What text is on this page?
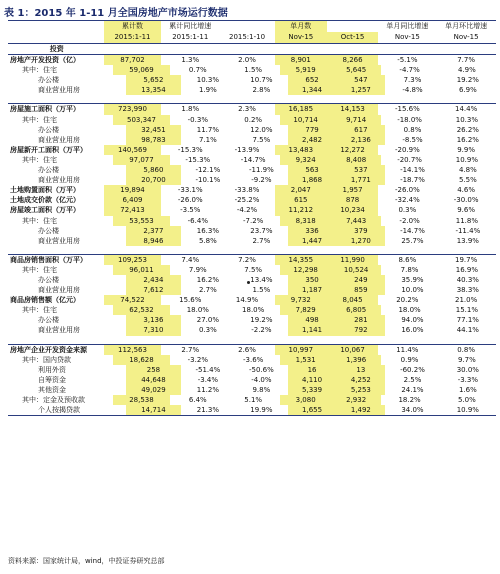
表 1：2015 年 1-11 月全国房地产市场运行数据
累计数	累计同比增速	单月数	单月同比增速	单月环比增速
2015:1-11	2015:1-11	2015:1-10	Nov-15	Oct-15	Nov-15	Nov-15
投资
房地产开发投资（亿）	87,702	1.3%	2.0%	8,901	8,266	-5.1%	7.7%
其中：住宅	59,069	0.7%	1.5%	5,919	5,645	-4.7%	4.9%
办公楼	5,652	10.3%	10.7%	652	547	7.3%	19.2%
商业营业用房	13,354	1.9%	2.8%	1,344	1,257	-4.8%	6.9%
房屋施工面积（万平）	723,990	1.8%	2.3%	16,185	14,153	-15.6%	14.4%
其中：住宅	503,347	-0.3%	0.2%	10,714	9,714	-18.0%	10.3%
办公楼	32,451	11.7%	12.0%	779	617	0.8%	26.2%
商业营业用房	98,783	7.1%	7.5%	2,482	2,136	-8.5%	16.2%
房屋新开工面积（万平）	140,569	-15.3%	-13.9%	13,483	12,272	-20.9%	9.9%
其中：住宅	97,077	-15.3%	-14.7%	9,324	8,408	-20.7%	10.9%
办公楼	5,860	-12.1%	-11.9%	563	537	-14.1%	4.8%
商业营业用房	20,700	-10.1%	-9.2%	1,868	1,771	-18.7%	5.5%
土地购置面积（万平）	19,894	-33.1%	-33.8%	2,047	1,957	-26.0%	4.6%
土地成交价款（亿元）	6,409	-26.0%	-25.2%	615	878	-32.4%	-30.0%
房屋竣工面积（万平）	72,413	-3.5%	-4.2%	11,212	10,234	0.3%	9.6%
其中：住宅	53,553	-6.4%	-7.2%	8,318	7,443	-2.0%	11.8%
办公楼	2,377	16.3%	23.7%	336	379	-14.7%	-11.4%
商业营业用房	8,946	5.8%	2.7%	1,447	1,270	25.7%	13.9%
商品房销售面积（万平）	109,253	7.4%	7.2%	14,355	11,990	8.6%	19.7%
其中：住宅	96,011	7.9%	7.5%	12,298	10,524	7.8%	16.9%
办公楼	2,434	16.2%	13.4%	350	249	35.9%	40.3%
商业营业用房	7,612	2.7%	1.5%	1,187	859	10.0%	38.3%
商品房销售额（亿元）	74,522	15.6%	14.9%	9,732	8,045	20.2%	21.0%
其中：住宅	62,532	18.0%	18.0%	7,829	6,805	18.0%	15.1%
办公楼	3,136	27.0%	19.2%	498	281	94.0%	77.1%
商业营业用房	7,310	0.3%	-2.2%	1,141	792	16.0%	44.1%
房地产企业开发资金来源	112,563	2.7%	2.6%	10,997	10,067	11.4%	0.8%
其中：国内贷款	18,628	-3.2%	-3.6%	1,531	1,396	0.9%	9.7%
利用外资	258	-51.4%	-50.6%	16	13	-60.2%	30.0%
自筹资金	44,648	-3.4%	-4.0%	4,110	4,252	2.5%	-3.3%
其他资金	49,029	11.2%	9.8%	5,339	5,253	24.1%	1.6%
其中：定金及预收款	28,538	6.4%	5.1%	3,080	2,932	18.2%	5.0%
个人按揭贷款	14,714	21.3%	19.9%	1,655	1,492	34.0%	10.9%
资料来源：国家统计局，wind，中投证券研究总部
